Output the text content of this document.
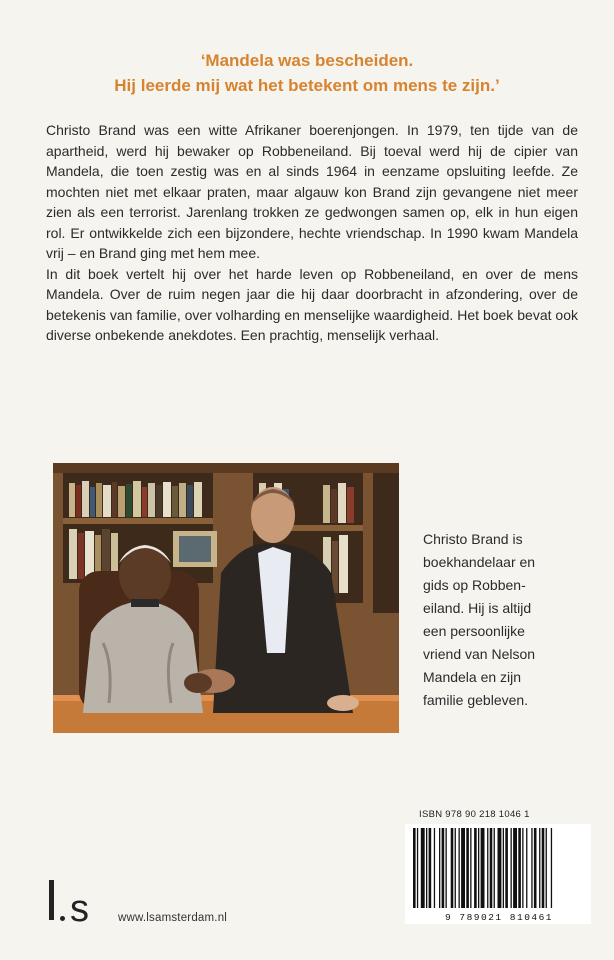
‘Mandela was bescheiden.
Hij leerde mij wat het betekent om mens te zijn.’

Christo Brand was een witte Afrikaner boerenjongen. In 1979, ten tijde van de apartheid, werd hij bewaker op Robbeneiland. Bij toeval werd hij de cipier van Mandela, die toen zestig was en al sinds 1964 in eenzame opsluiting leefde. Ze mochten niet met elkaar praten, maar algauw kon Brand zijn gevangene niet meer zien als een terrorist. Jarenlang trokken ze gedwongen samen op, elk in hun eigen rol. Er ontwikkelde zich een bijzondere, hechte vriendschap. In 1990 kwam Mandela vrij – en Brand ging met hem mee.

In dit boek vertelt hij over het harde leven op Robbeneiland, en over de mens Mandela. Over de ruim negen jaar die hij daar doorbracht in afzondering, over de betekenis van familie, over volharding en menselijke waardigheid. Het boek bevat ook diverse onbekende anekdotes. Een prachtig, menselijk verhaal.

Christo Brand is
boekhandelaar en
gids op Robben-
eiland. Hij is altijd
een persoonlijke
vriend van Nelson
Mandela en zijn
familie gebleven.
ISBN 978 90 218 1046 1
9 789021 810461
s	www.lsamsterdam.nl
